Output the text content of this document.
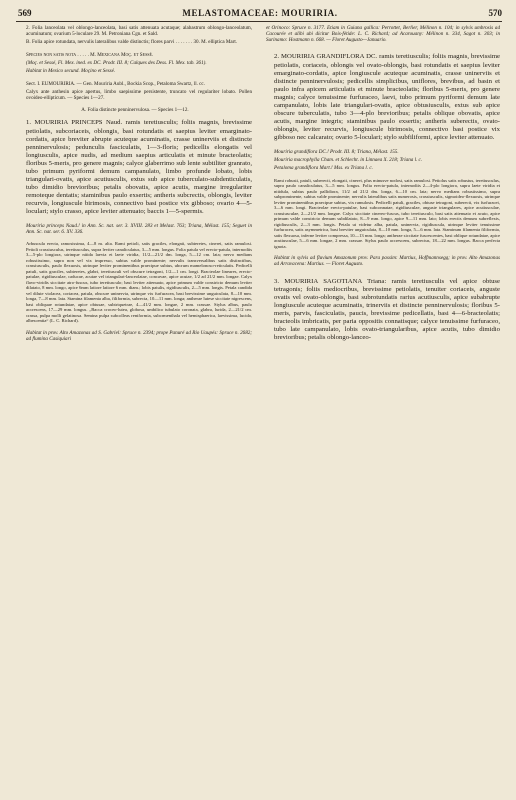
569	MELASTOMACEAE: MOURIRIA.	570

2. Folia lanceolata vel oblongo-lanceolata, basi satis attenuata acutaque; alabastrum oblongo-lanceolatum, acuminatum; ovarium 5-loculare 29. M. Petroniana Cgn. et Sald.

B. Folia apice rotundata, nervulis lateralibus valde distinctis; flores parvi . . . . . . . 30. M. elliptica Mart.

Species non satis nota . . . . . M. Mexicana Moç. et Sessé.

(Moç. et Sessé, Fl. Mex. ined. ex DC. Prodr. III. 8; Calques des Dess. Fl. Mex. tab. 361).

Habitat in Mexico secund. Moçino et Sessé.

Sect. I. EUMOURIRIA. — Gen. Mouriria Aubl., Bockia Scop., Petaloma Swartz, ll. cc.

Calyx ante anthesin apice apertus, limbo saepissime persistente, truncato vel regulariter lobato. Pollen ovoideo-ellipticum. — Species 1—27.

A. Folia distincte penninervulosa. — Species 1—12.

1. MOURIRIA PRINCEPS Naud. ramis teretiusculis; foliis magnis, brevissime petiolatis, subcoriaceis, oblongis, basi rotundatis et saepius leviter emarginato-cordatis, apice breviter abrupte acuteque acuminatis, crasse uninerviis et distincte penninervulosis; pedunculis fasciculatis, 1—3-floris; pedicellis elongatis vel longiusculis, apice nudis, ad medium saepius articulatis et minute bracteolatis; floribus 5-meris, pro genere magnis; calyce glaberrimo sub lente subtiliter granrato, tubo primum pyriformi demum campanulato, limbo profunde lobato, lobis triangulari-ovatis, apice acutiusculis, extus sub apice tuberculato-subdenticulatis, tubo dimidio brevioribus; petalis obovatis, apice acutis, margine irregulariter remoteque dentatis; staminibus paulo exsertis; antheris subcrectis, oblongis, leviter recurvis, longiuscule birimosis, connectivo basi postice vix gibboso; ovario 4—5-loculari; stylo crasso, apice leviter attenuato; baccis 1—5-spermis.

Mouriria princeps Naud.! in Ann. Sc. nat. ser. 3. XVIII. 283 et Melast. 763; Triana, Mélast. 155; Seguet in Ann. Sc. nat. ser. 6. XV. 336.

Arbuscula erecta, ramosissima, 4—8 m. alta. Rami petioli, satis graciles, elongati, subteretes, cinerei, satis ramulosi. Petioli crassiusculus, teretiusculus, supra leviter canaliculatus, 3—5 mm. longus. Folia patula vel erecto-patula, internodiis 3—5-plo longiora, utrinque nitida laevia et laete viridia, 11/2—21/2 dm. longa, 5—12 cm. lata; nervo medians robustissimo, supra non vel vix impresso, subtus valde prominente; nervulis transversalibus satis distinctibus, crassiusculis, paulo flexuosis, utrinque leviter prominentibus praecipue subtus, ubcrum mamelonoso-reticulatis. Pedicelli patuli, satis graciles, subteretes, glabri, teretiusculi vel obscure tetragoni, 1/2—1 cm. longi. Bracteolae lineares, erecto-patulae, rigidiusculae, caducae, acutae vel triangulari-lanceolatae, concavae, apice acutae, 1/2 ad 21/2 mm. longae. Calyx flavo-viridis siccitate atro-fuscus, tubo teretiusculo; basi leviter attenuato, apice primum valde constricto demum leviter dilatato, 8 mm. longo, apice 6mm latiore latiore 6 mm. diam.; lobis patulis, rigidiusculis, 2—5 mm. longis. Petala candida vel dilute violacea, coriacea, patula, obscure uninervia, utrinque vix furfuracea, basi brevissime unguiculata, 8—10 mm. longa, 7—8 mm. lata. Stamina filamenta alba, filiformia, subrecta, 10—11 mm. longa; antherae lutese siccitate nigrescens, basi obliquae rotundatae, apice obtusae, subtriquetrae, 4—41/2 mm. longae, 2 mm. crassae. Stylus albus, paulo accrescens, 17—29 mm. longus. „Bacca croceo-lutea, globosa, umbilico tubulato coronata, glabra, lurida, 2—21/2 cm. crassa, pulpa molli gelatinosa. Semina pulpa subcolleas reniformia, subcrmenthala vel hemisphaerica, laevissima, lucida, albescentia“ (L. C. Richard).

Habitat in prov. Alto Amazonas ad S. Gabriel: Spruce n. 2394; prope Panuré ad Rio Uaupés: Spruce n. 2682; ad flumina Casiquiari

et Orinoco: Spruce n. 3177. Etiam in Guiana gallica: Perrottet, Berlier, Mélinon n. 104; in sylvis umbrosis ad Cacourée et alibi ubi dicitur Bois-fétide: L. C. Richard; ad Acarouany: Mélinon n. 334, Sagot n. 303; in Surinamo: Hostmann n. 668. — Floret Augusto—Januario.

2. MOURIRIA GRANDIFLORA DC. ramis teretiusculis; foliis magnis, brevissime petiolatis, coriaceis, oblongis vel ovato-oblongis, basi rotundatis et saepius leviter emarginato-cordatis, apice longiuscule acuteque acuminatis, crasse uninerviis et distincte penninervulosis; pedicellis simplicibus, uniflores, brevibus, ad basin et paulo infra apicem articulatis et minute bracteolatis; floribus 5-meris, pro genere magnis; calyce tenuissime furfuraceo, laevi, tubo primum pyriformi demum late campanulato, lobis late triangulari-ovatis, apice obtusiusculis, extus sub apice obscure tuberculatis, tubo 3—4-plo brevioribus; petalis oblique obovatis, apice acutis, margine integris; staminibus paulo exsertis; antheris suberectis, ovato-oblongis, leviter recurvis, longiuscule birimosis, connectivo basi postice vix gibboso nec calcarato; ovario 5-loculari; stylo subfiliformi, apice leviter attenuato.

Mouriria grandiflora DC.! Prodr. III. 8; Triana, Mélast. 155.

Mouriria macrophylla Cham. et Schlecht. in Linnaea X. 218; Triana l. c.

Petaloma grandiflora Mart.! Mss. ex Triana l. c.

Rami robusti, patuli, suberecti, elongati, cinerei, plus minusve nodosi, satis ramulosi. Petiolus satis robustus, teretiusculus, supra paulo canaliculatus, 3—5 mm. longus. Folia erecto-patula, internodiis 2—4-plo longiora, supra laete viridia et nitidula, subtus paulo pallidiora, 11/2 ad 21/2 dm. longa, 6—10 cm. lata; nervo medians robustissimo, supra subprominente, subtus valde prominente; nervulis lateralibus satis numerosis, crassiusculis, sigmoideo-flexuosis, utrinque leviter prominentibus praecipue subtus, vix ramulosis. Pedicelli patuli, graciles, obtuse tetragoni, suberecti, vix furfuracei, 3—6 mm. longi. Bracteolae erecto-patulae, basi subconnatae, rigidiusculae, anguste triangulares, apice acutiusculae, crassiusculae, 2—21/2 mm. longae. Calyx siccitate cinereo-fuscus, tubo teretiusculo, basi satis attenuato et acuto, apice primum valde constricto demum subdilatato, 8—9 mm. longo, apice 9—11 mm. lato; lobis erectis demum subreflexis, rigidiusculis, 2—3 mm. longis. Petala ut videtur alba, patula, uninervia, rigidiuscula, utrinque leviter tenuissime furfuracea, satis asymmetrica, basi breviter unguiculata, 8—10 mm. longa, 5—6 mm. lata. Staminum filamenta filiformia, satis flexuosa, inferne leviter compressa, 10—13 mm. longa; antherae siccitate fuscescentes, basi oblique rotundatae, apice acutiusculae, 5—6 mm. longae, 2 mm. crassae. Stylus paulo accrescens, subrectus, 18—22 mm. longus. Bacca perfecta ignota.

Habitat in sylvis ad fluvium Amazonum prov. Para passim: Martius, Hoffmannsegg; in prov. Alto Amazonas ad Arravacena: Martius. — Floret Augusto.

3. MOURIRIA SAGOTIANA Triana: ramis teretiusculis vel apice obtuse tetragonis; foliis mediocribus, brevissime petiolatis, tenuiter coriaceis, anguste ovatis vel ovato-oblongis, basi subrotundatis rarius acutiusculis, apice subabrupte longiuscule acuteque acuminatis, trinerviis et distincte penninervulosis; floribus 5-meris, parvis, fasciculatis, paucis, brevissime pedicellatis, basi 4—6-bracteolatis; bracteolis imbricatis, per paria oppositis connatisque; calyce tenuissime furfuraceo, tubo late campanulato, lobis ovato-triangularibus, apice acutis, tubo dimidio brevioribus; petalis oblongo-lanceo-
